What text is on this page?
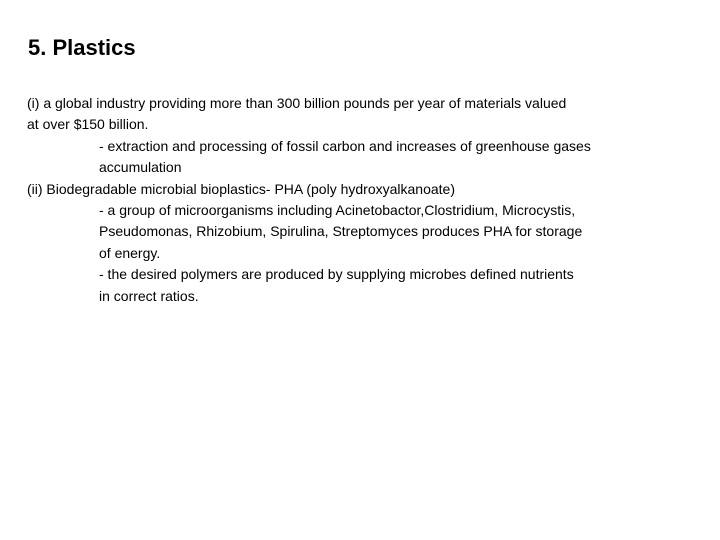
5. Plastics
(i) a global industry providing more than 300 billion pounds per year of materials valued
at over $150 billion.
- extraction and processing of fossil carbon and increases of greenhouse gases
accumulation
(ii) Biodegradable microbial bioplastics- PHA (poly hydroxyalkanoate)
- a group of microorganisms including Acinetobactor,Clostridium, Microcystis,
Pseudomonas, Rhizobium, Spirulina, Streptomyces produces PHA for storage
of energy.
- the desired polymers are produced by supplying microbes defined nutrients
in correct ratios.
